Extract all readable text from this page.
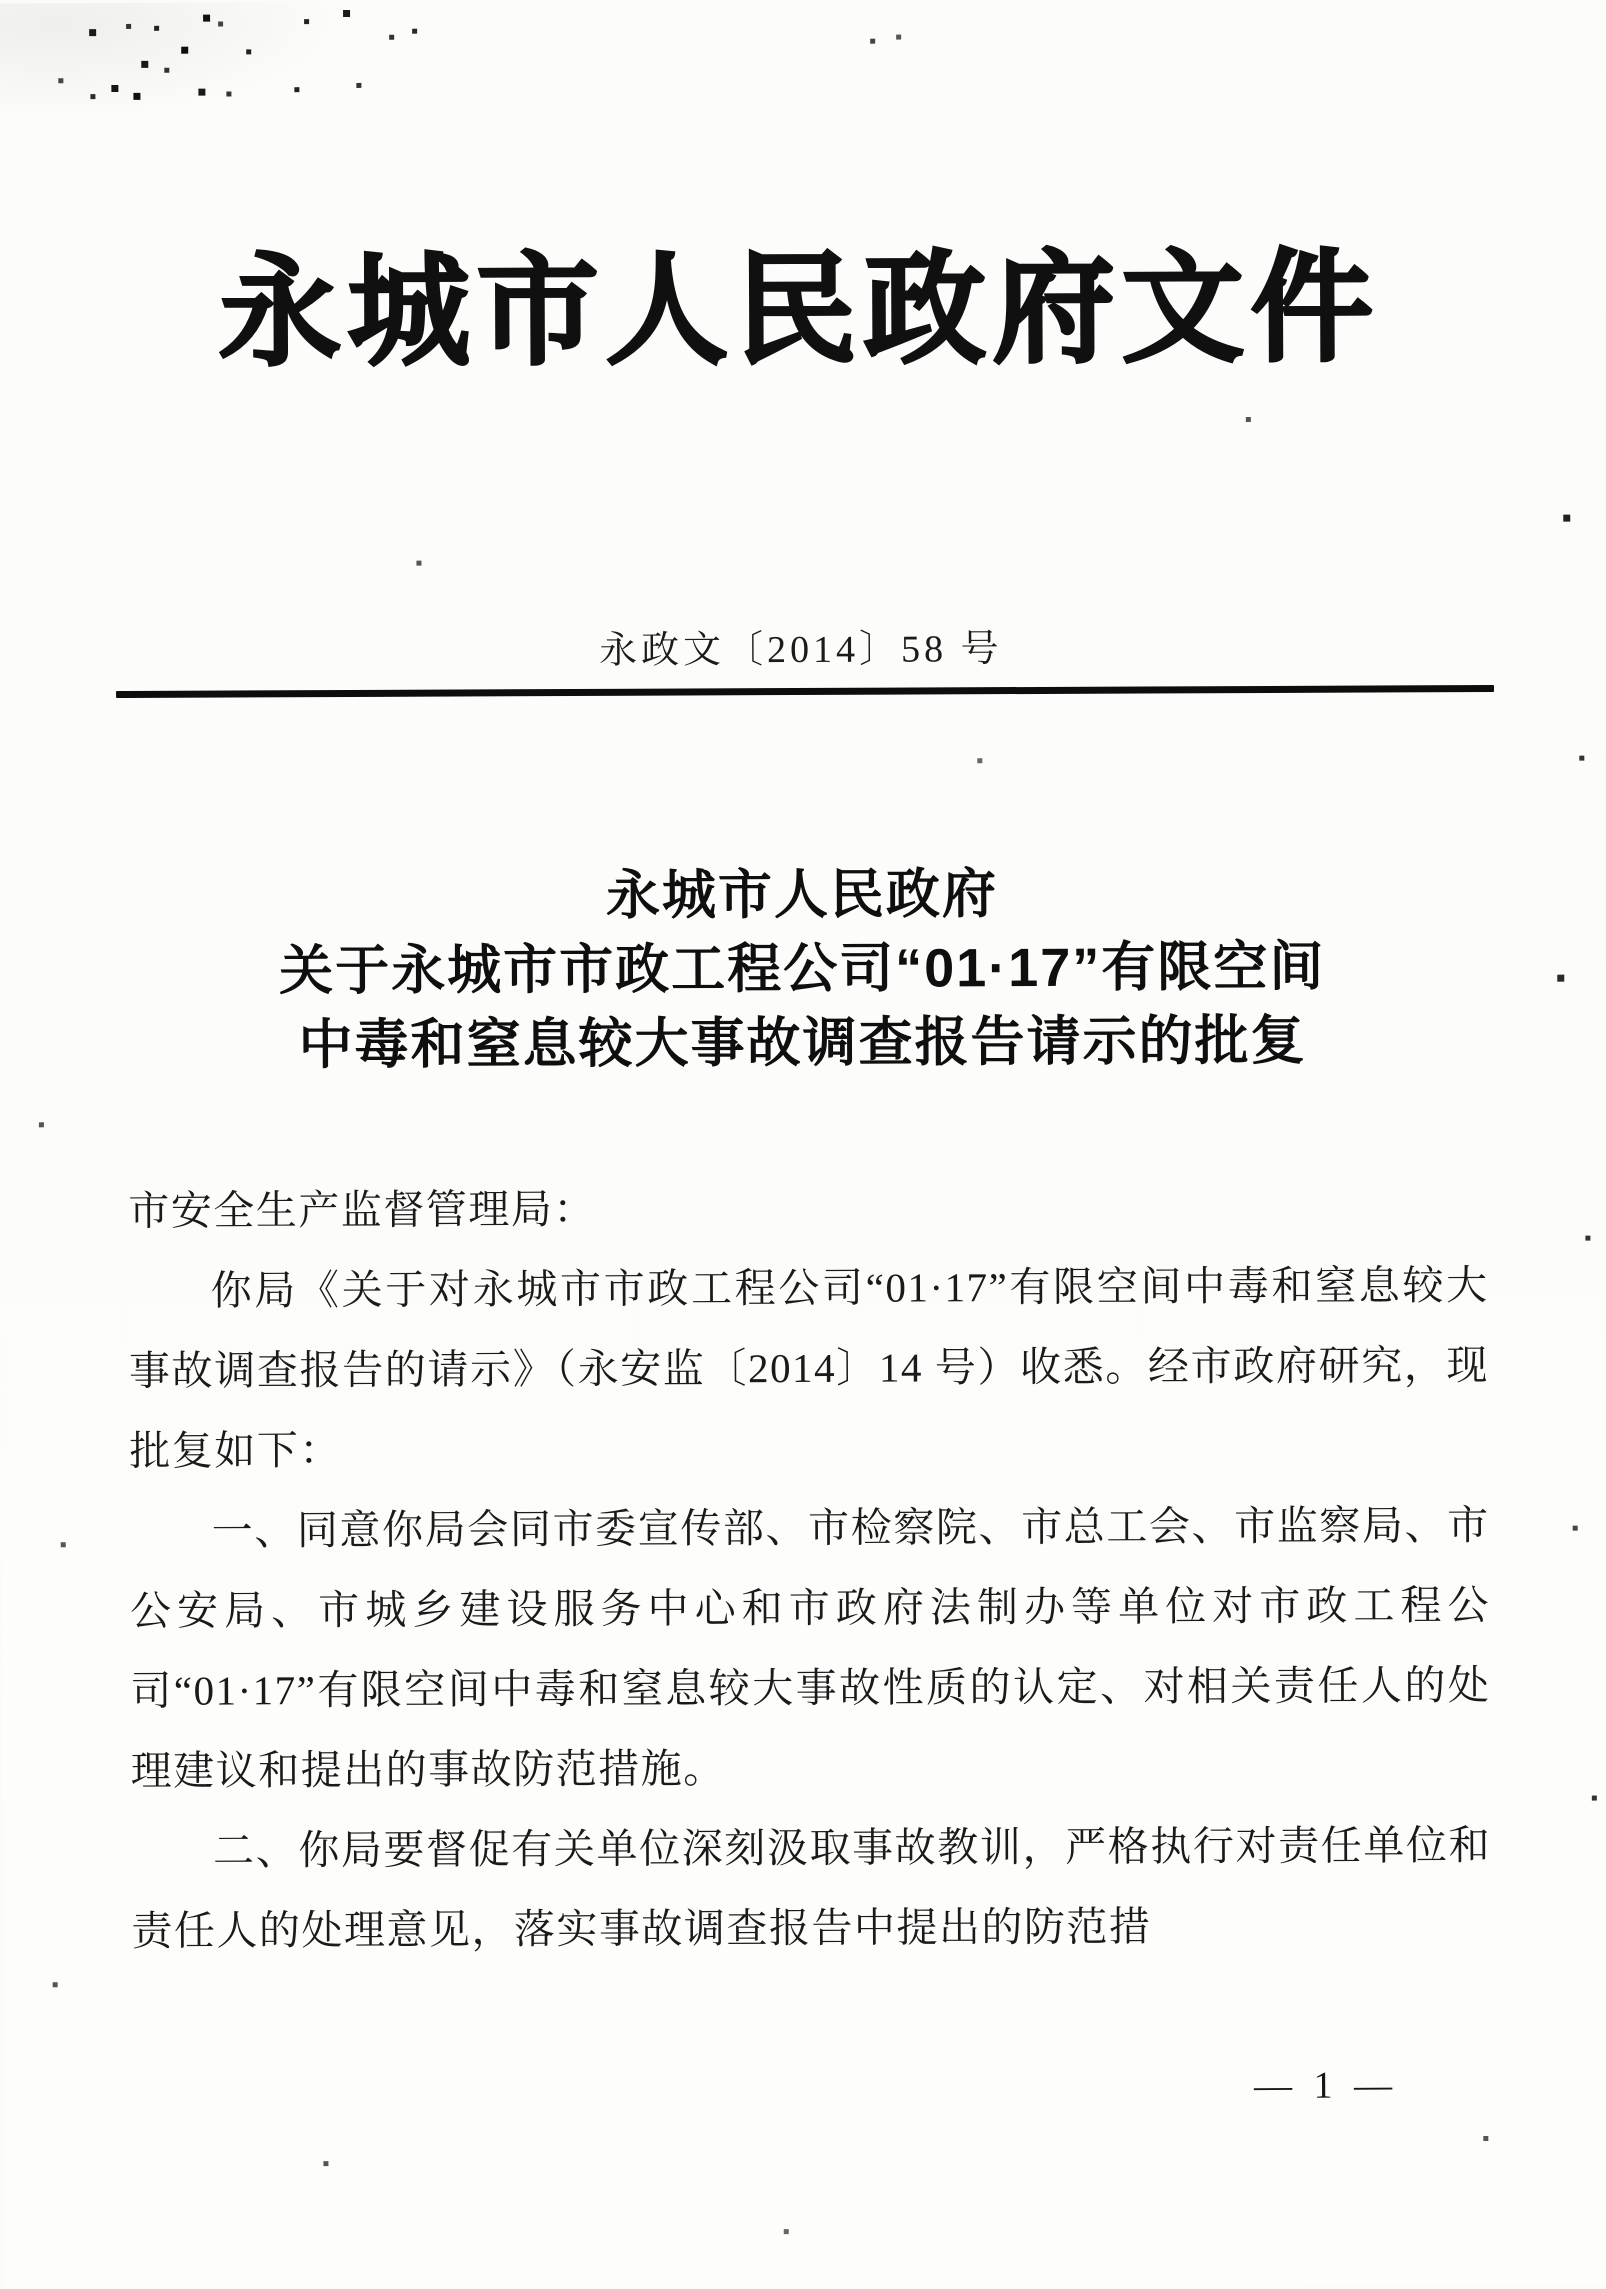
永城市人民政府文件
永政文〔2014〕58 号
永城市人民政府
关于永城市市政工程公司“01·17”有限空间
中毒和窒息较大事故调查报告请示的批复

市安全生产监督管理局：

你局《关于对永城市市政工程公司“01·17”有限空间中毒和窒息较大事故调查报告的请示》（永安监〔2014〕14 号）收悉。经市政府研究，现批复如下：

一、同意你局会同市委宣传部、市检察院、市总工会、市监察局、市公安局、市城乡建设服务中心和市政府法制办等单位对市政工程公司“01·17”有限空间中毒和窒息较大事故性质的认定、对相关责任人的处理建议和提出的事故防范措施。

二、你局要督促有关单位深刻汲取事故教训，严格执行对责任单位和责任人的处理意见，落实事故调查报告中提出的防范措

— 1 —
